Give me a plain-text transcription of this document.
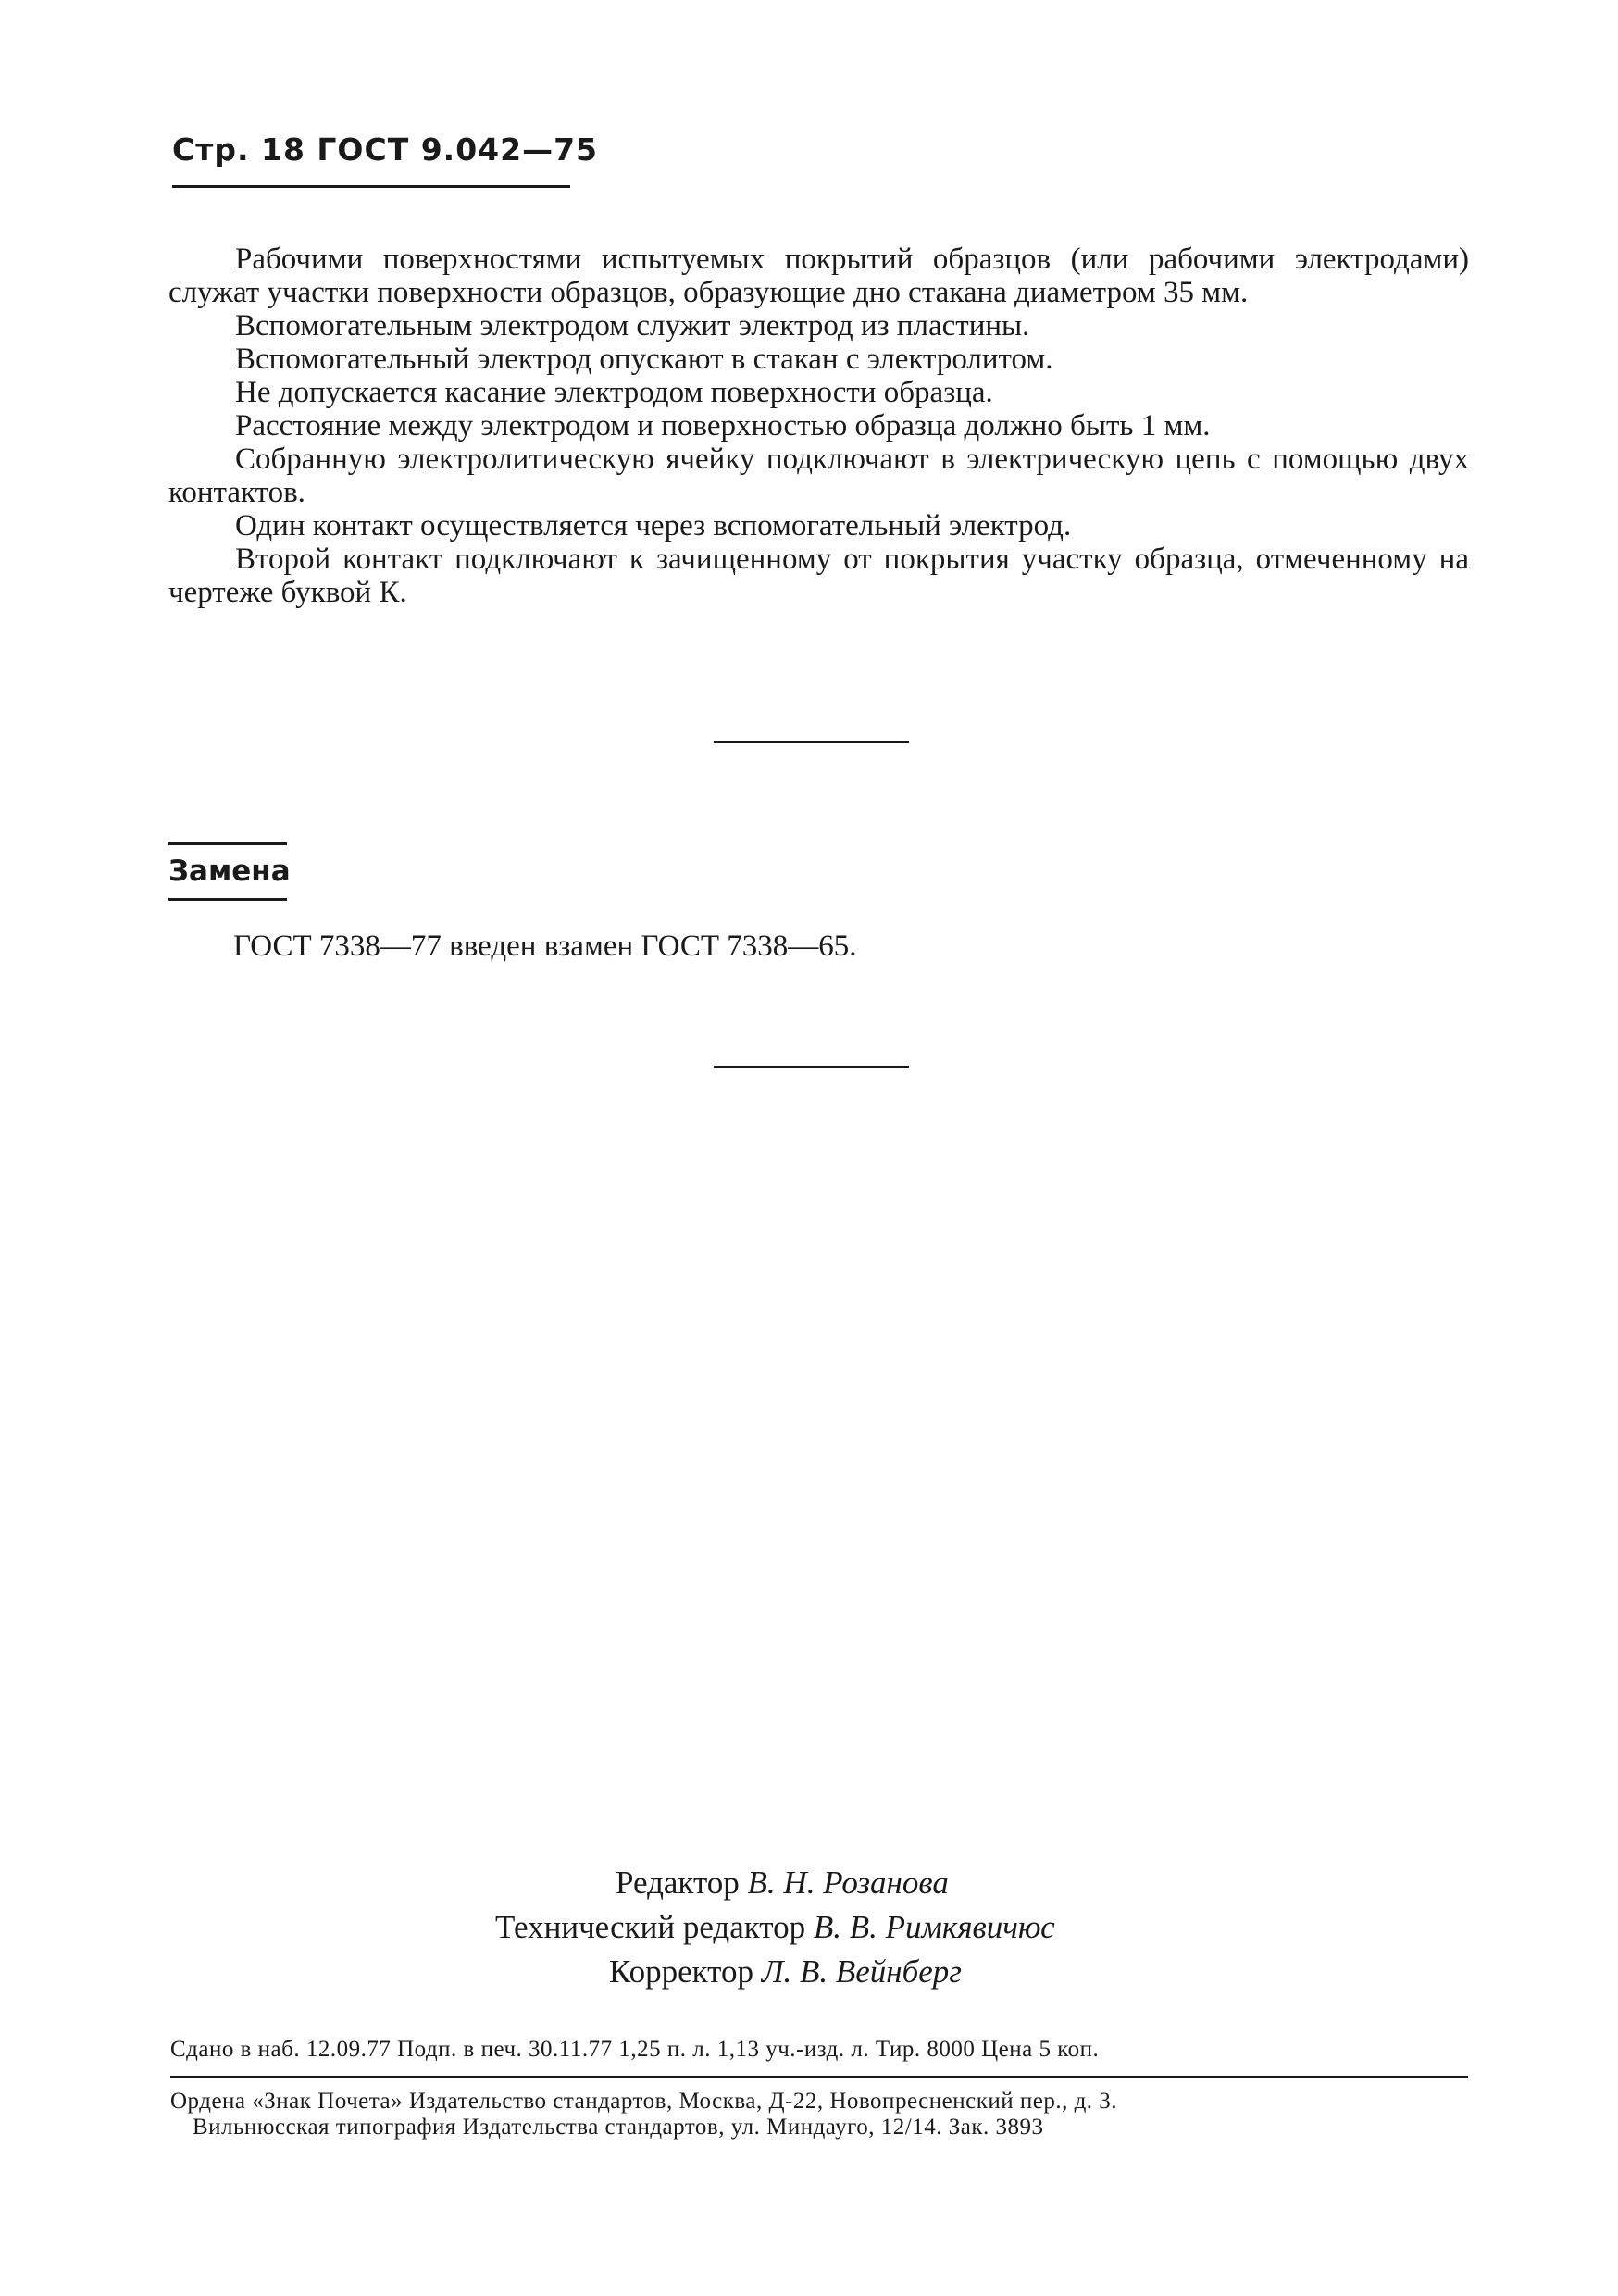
Стр. 18 ГОСТ 9.042—75

Рабочими поверхностями испытуемых покрытий образцов (или рабочими электродами) служат участки поверхности образцов, образующие дно стакана диаметром 35 мм.

Вспомогательным электродом служит электрод из пластины.

Вспомогательный электрод опускают в стакан с электролитом.

Не допускается касание электродом поверхности образца.

Расстояние между электродом и поверхностью образца должно быть 1 мм.

Собранную электролитическую ячейку подключают в электрическую цепь с помощью двух контактов.

Один контакт осуществляется через вспомогательный электрод.

Второй контакт подключают к зачищенному от покрытия участку образца, отмеченному на чертеже буквой К.

Замена
ГОСТ 7338—77 введен взамен ГОСТ 7338—65.
Редактор В. Н. Розанова
Технический редактор В. В. Римкявичюс
Корректор Л. В. Вейнберг
Сдано в наб. 12.09.77 Подп. в печ. 30.11.77 1,25 п. л. 1,13 уч.-изд. л. Тир. 8000 Цена 5 коп.
Ордена «Знак Почета» Издательство стандартов, Москва, Д-22, Новопресненский пер., д. 3.
Вильнюсская типография Издательства стандартов, ул. Миндауго, 12/14. Зак. 3893
